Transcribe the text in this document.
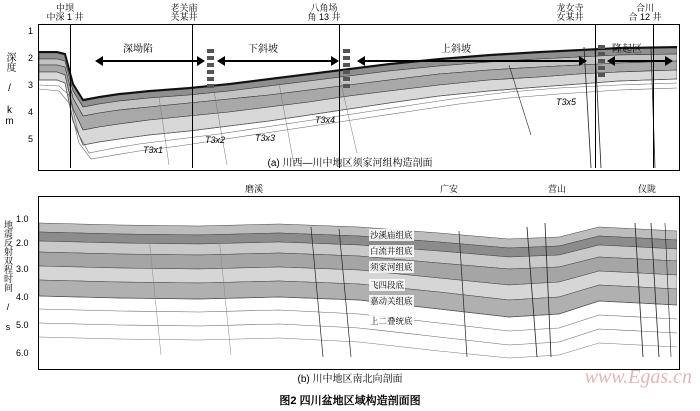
深坳陷	下斜坡	上斜坡	隆起区
T3x1
T3x2	T3x3
T3x4
T3x5
中坝
中深 1 井
老关庙
关某井
八角场
角 13 井
龙女寺
女某井
合川
合 12 井
1
2
3
4
5
深度 / km
(a) 川西—川中地区须家河组构造剖面
沙溪庙组底
白流井组底
须家河组底
飞四段底
嘉动关组底
上二叠统底
磨溪	广安	营山	仪陇
1.0
2.0
3.0
4.0
5.0
6.0
地震反射双程时间 / s
(b) 川中地区南北向剖面	www.Egas.cn
图2 四川盆地区域构造剖面图
